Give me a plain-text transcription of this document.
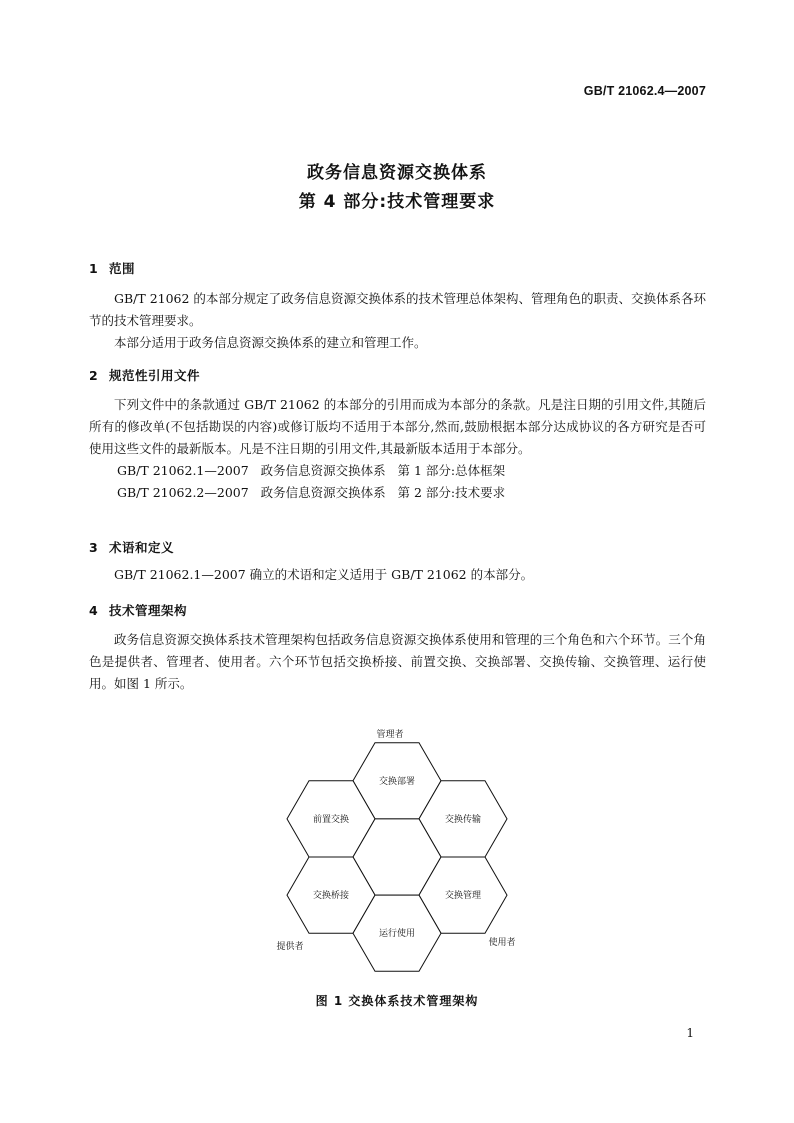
GB/T 21062.4—2007
政务信息资源交换体系
第 4 部分:技术管理要求
1 范围

GB/T 21062 的本部分规定了政务信息资源交换体系的技术管理总体架构、管理角色的职责、交换体系各环节的技术管理要求。

本部分适用于政务信息资源交换体系的建立和管理工作。

2 规范性引用文件

下列文件中的条款通过 GB/T 21062 的本部分的引用而成为本部分的条款。凡是注日期的引用文件,其随后所有的修改单(不包括勘误的内容)或修订版均不适用于本部分,然而,鼓励根据本部分达成协议的各方研究是否可使用这些文件的最新版本。凡是不注日期的引用文件,其最新版本适用于本部分。

GB/T 21062.1—2007   政务信息资源交换体系   第 1 部分:总体框架

GB/T 21062.2—2007   政务信息资源交换体系   第 2 部分:技术要求

3 术语和定义

GB/T 21062.1—2007 确立的术语和定义适用于 GB/T 21062 的本部分。

4 技术管理架构

政务信息资源交换体系技术管理架构包括政务信息资源交换体系使用和管理的三个角色和六个环节。三个角色是提供者、管理者、使用者。六个环节包括交换桥接、前置交换、交换部署、交换传输、交换管理、运行使用。如图 1 所示。

交换部署
前置交换	交换传输
交换桥接	交换管理
运行使用
管理者
提供者	使用者
图 1 交换体系技术管理架构
1
